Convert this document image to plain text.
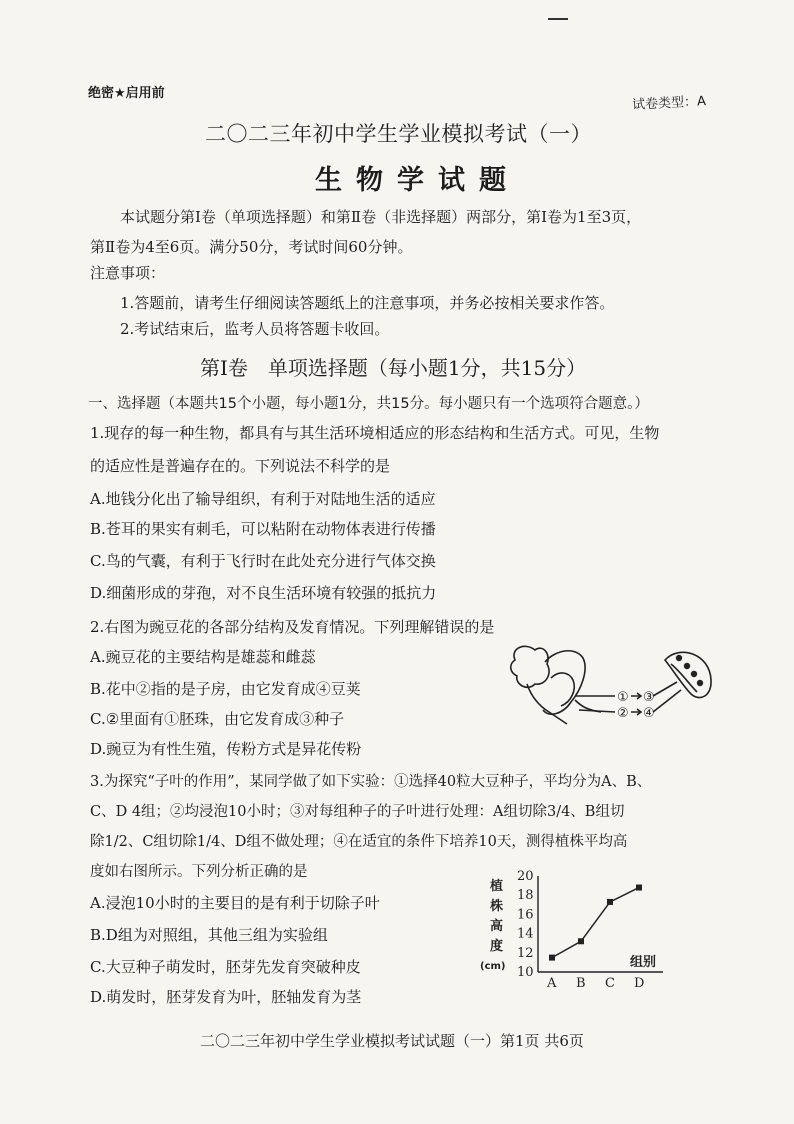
绝密★启用前
试卷类型：A
二〇二三年初中学生学业模拟考试（一）
生物学试题
本试题分第Ⅰ卷（单项选择题）和第Ⅱ卷（非选择题）两部分，第Ⅰ卷为1至3页，
第Ⅱ卷为4至6页。满分50分，考试时间60分钟。
注意事项：
1.答题前，请考生仔细阅读答题纸上的注意事项，并务必按相关要求作答。
2.考试结束后，监考人员将答题卡收回。
第Ⅰ卷　单项选择题（每小题1分，共15分）
一、选择题（本题共15个小题，每小题1分，共15分。每小题只有一个选项符合题意。）
1.现存的每一种生物，都具有与其生活环境相适应的形态结构和生活方式。可见，生物
的适应性是普遍存在的。下列说法不科学的是
A.地钱分化出了输导组织，有利于对陆地生活的适应
B.苍耳的果实有刺毛，可以粘附在动物体表进行传播
C.鸟的气囊，有利于飞行时在此处充分进行气体交换
D.细菌形成的芽孢，对不良生活环境有较强的抵抗力
2.右图为豌豆花的各部分结构及发育情况。下列理解错误的是
A.豌豆花的主要结构是雄蕊和雌蕊
B.花中②指的是子房，由它发育成④豆荚
C.②里面有①胚珠，由它发育成③种子
D.豌豆为有性生殖，传粉方式是异花传粉
①
②
③
④
3.为探究“子叶的作用”，某同学做了如下实验：①选择40粒大豆种子，平均分为A、B、
C、D 4组；②均浸泡10小时；③对每组种子的子叶进行处理：A组切除3/4、B组切
除1/2、C组切除1/4、D组不做处理；④在适宜的条件下培养10天，测得植株平均高
度如右图所示。下列分析正确的是
A.浸泡10小时的主要目的是有利于切除子叶
B.D组为对照组，其他三组为实验组
C.大豆种子萌发时，胚芽先发育突破种皮
D.萌发时，胚芽发育为叶，胚轴发育为茎
植
株
高
度
(cm) 10
12
14
16
18
20
组别
A B C D
二〇二三年初中学生学业模拟考试试题（一）第1页 共6页
